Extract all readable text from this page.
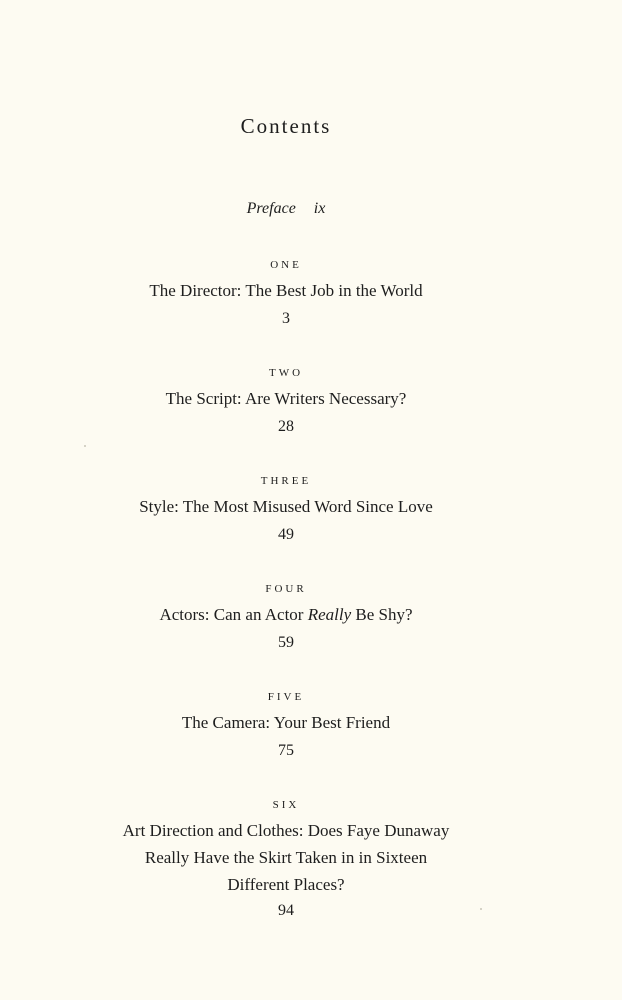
Contents
Preface ix
ONE
The Director: The Best Job in the World
3
TWO
The Script: Are Writers Necessary?
28
THREE
Style: The Most Misused Word Since Love
49
FOUR
Actors: Can an Actor Really Be Shy?
59
FIVE
The Camera: Your Best Friend
75
SIX
Art Direction and Clothes: Does Faye Dunaway
Really Have the Skirt Taken in in Sixteen
Different Places?
94
